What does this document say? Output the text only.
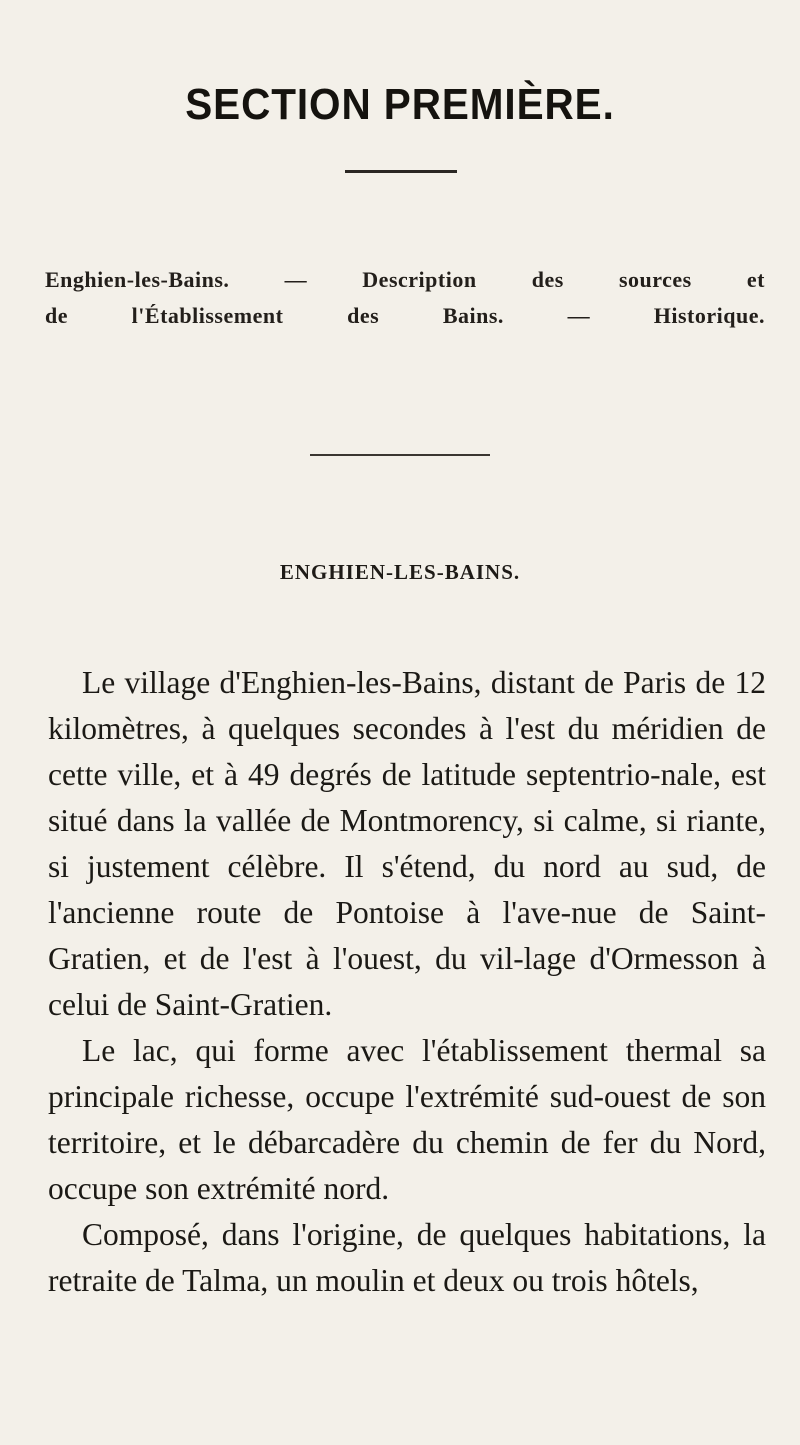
SECTION PREMIÈRE.
Enghien-les-Bains. — Description des sources et
de l'Établissement des Bains. — Historique.
ENGHIEN-LES-BAINS.

Le village d'Enghien-les-Bains, distant de Paris de 12 kilomètres, à quelques secondes à l'est du méridien de cette ville, et à 49 degrés de latitude septentrio-nale, est situé dans la vallée de Montmorency, si calme, si riante, si justement célèbre. Il s'étend, du nord au sud, de l'ancienne route de Pontoise à l'ave-nue de Saint-Gratien, et de l'est à l'ouest, du vil-lage d'Ormesson à celui de Saint-Gratien.

Le lac, qui forme avec l'établissement thermal sa principale richesse, occupe l'extrémité sud-ouest de son territoire, et le débarcadère du chemin de fer du Nord, occupe son extrémité nord.

Composé, dans l'origine, de quelques habitations, la retraite de Talma, un moulin et deux ou trois hôtels,
